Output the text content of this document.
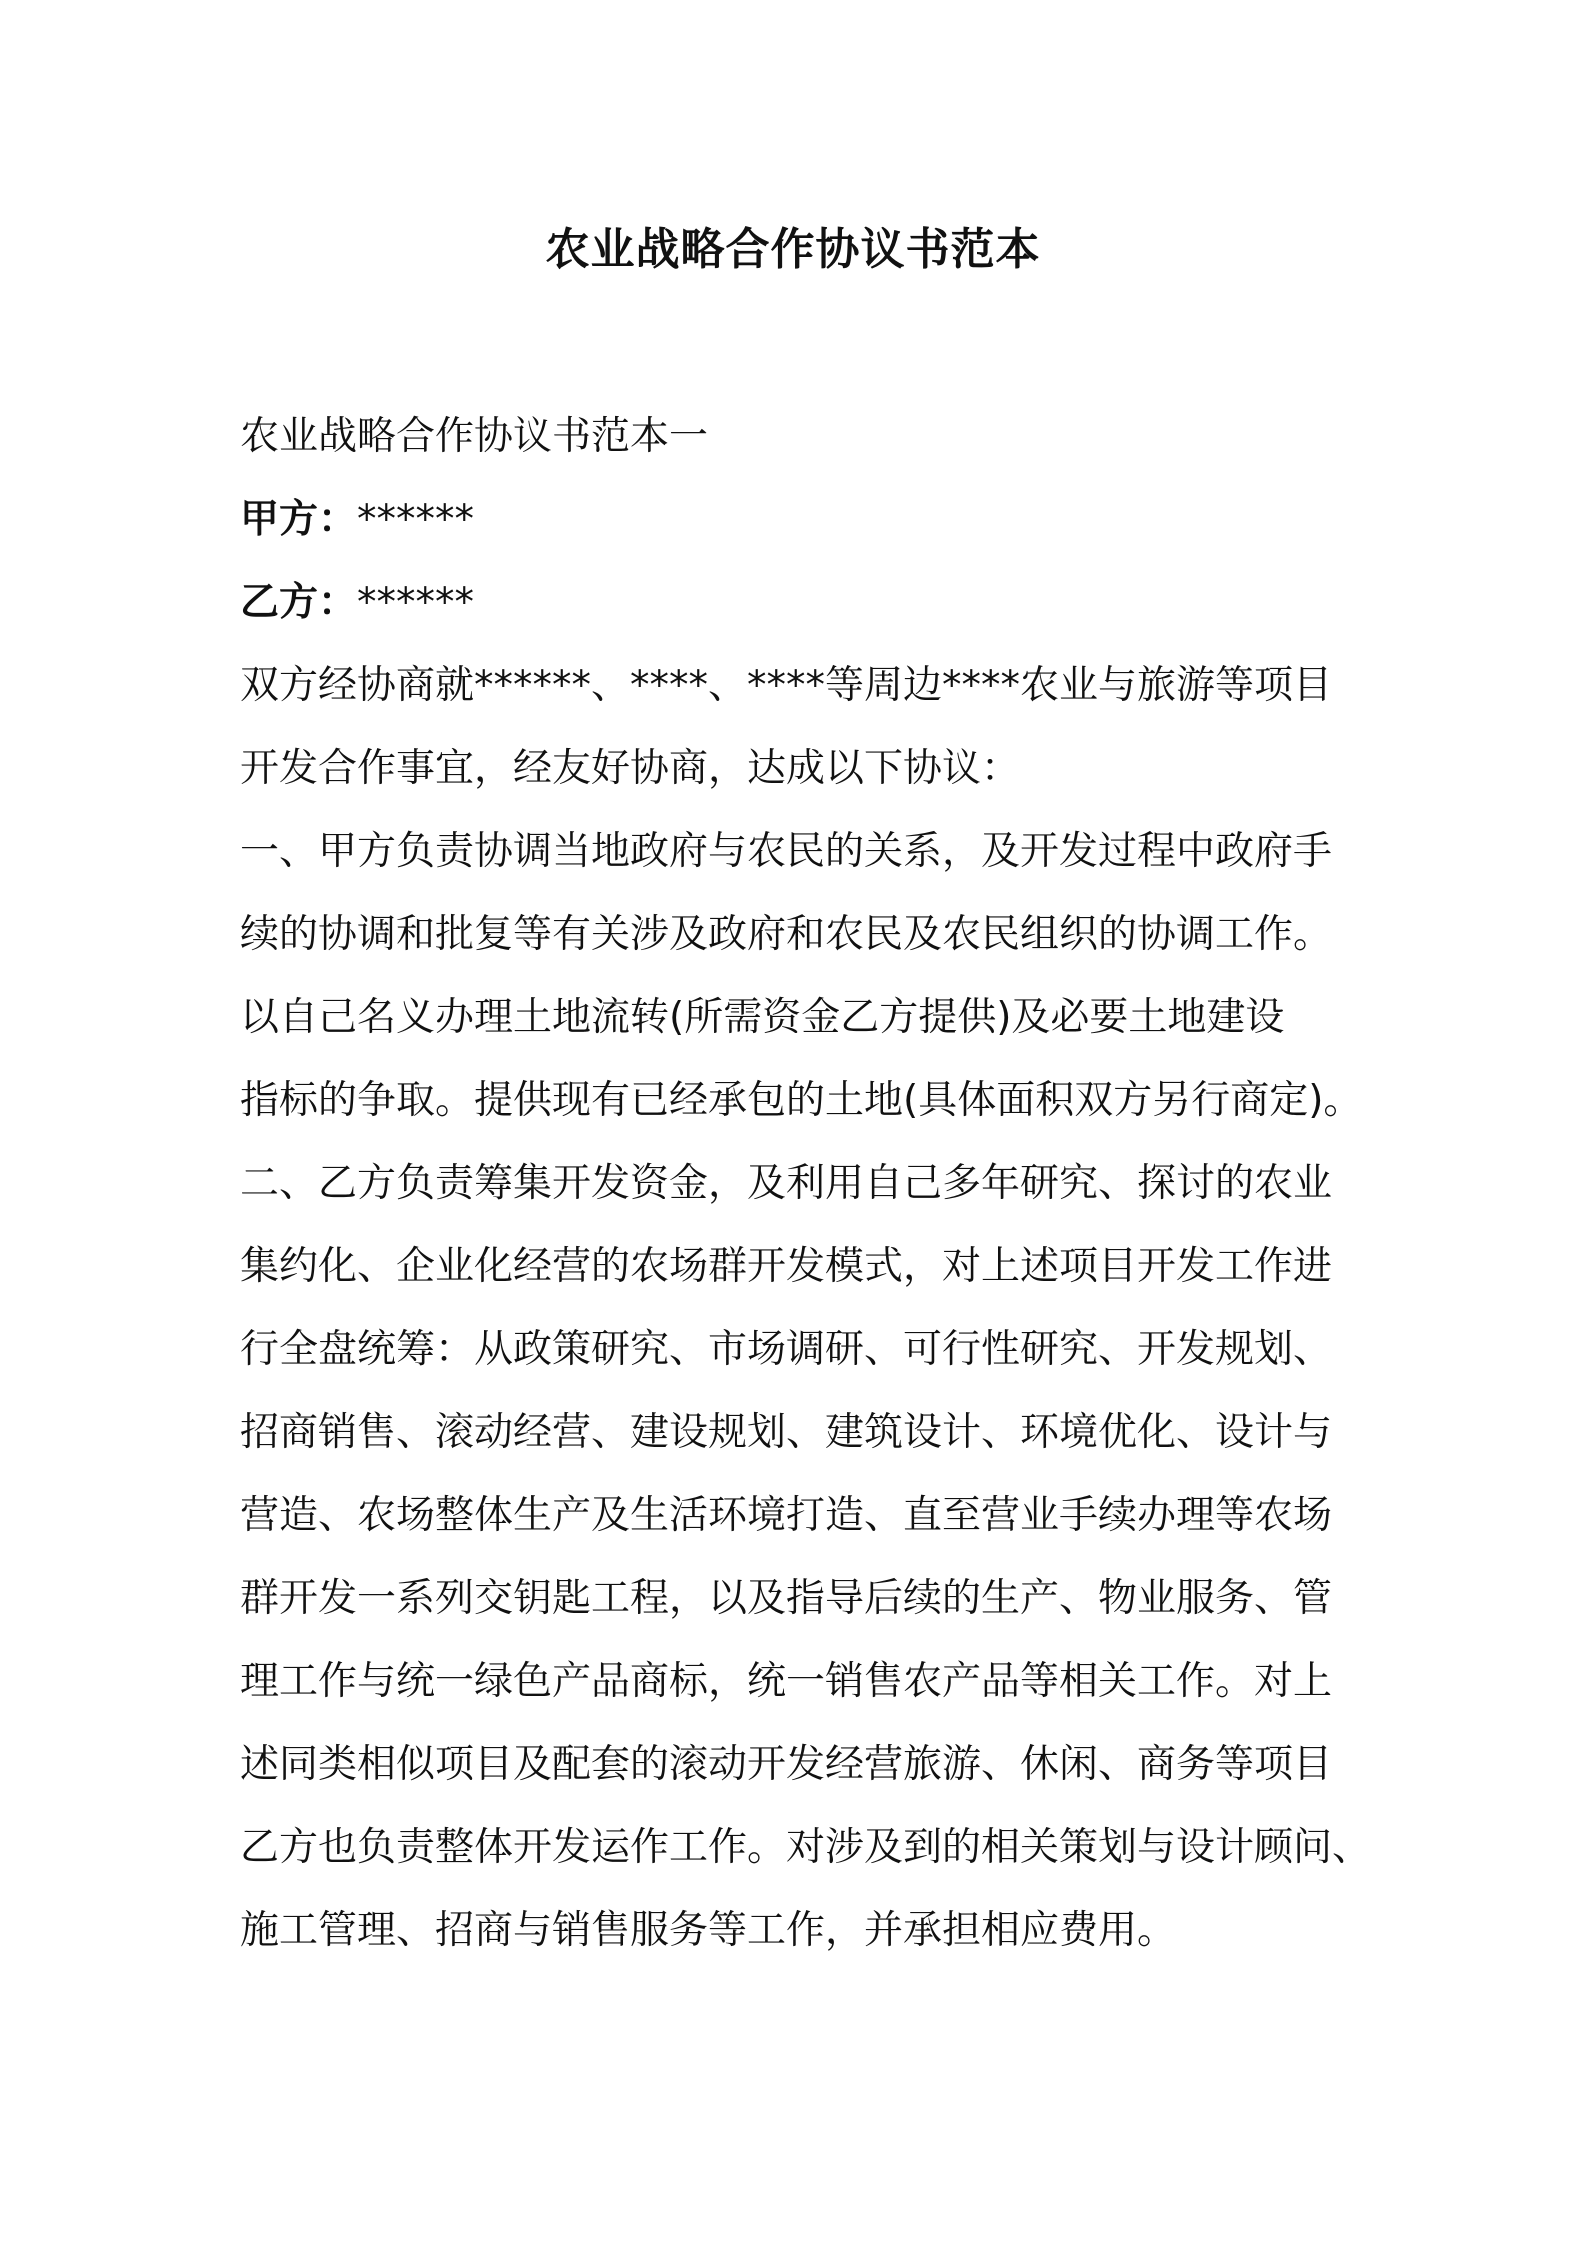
农业战略合作协议书范本
农业战略合作协议书范本一
甲方：******
乙方：******
双方经协商就******、****、****等周边****农业与旅游等项目
开发合作事宜，经友好协商，达成以下协议：
一、甲方负责协调当地政府与农民的关系，及开发过程中政府手
续的协调和批复等有关涉及政府和农民及农民组织的协调工作。
以自己名义办理土地流转(所需资金乙方提供)及必要土地建设
指标的争取。提供现有已经承包的土地(具体面积双方另行商定)。
二、乙方负责筹集开发资金，及利用自己多年研究、探讨的农业
集约化、企业化经营的农场群开发模式，对上述项目开发工作进
行全盘统筹：从政策研究、市场调研、可行性研究、开发规划、
招商销售、滚动经营、建设规划、建筑设计、环境优化、设计与
营造、农场整体生产及生活环境打造、直至营业手续办理等农场
群开发一系列交钥匙工程，以及指导后续的生产、物业服务、管
理工作与统一绿色产品商标，统一销售农产品等相关工作。对上
述同类相似项目及配套的滚动开发经营旅游、休闲、商务等项目
乙方也负责整体开发运作工作。对涉及到的相关策划与设计顾问、
施工管理、招商与销售服务等工作，并承担相应费用。
